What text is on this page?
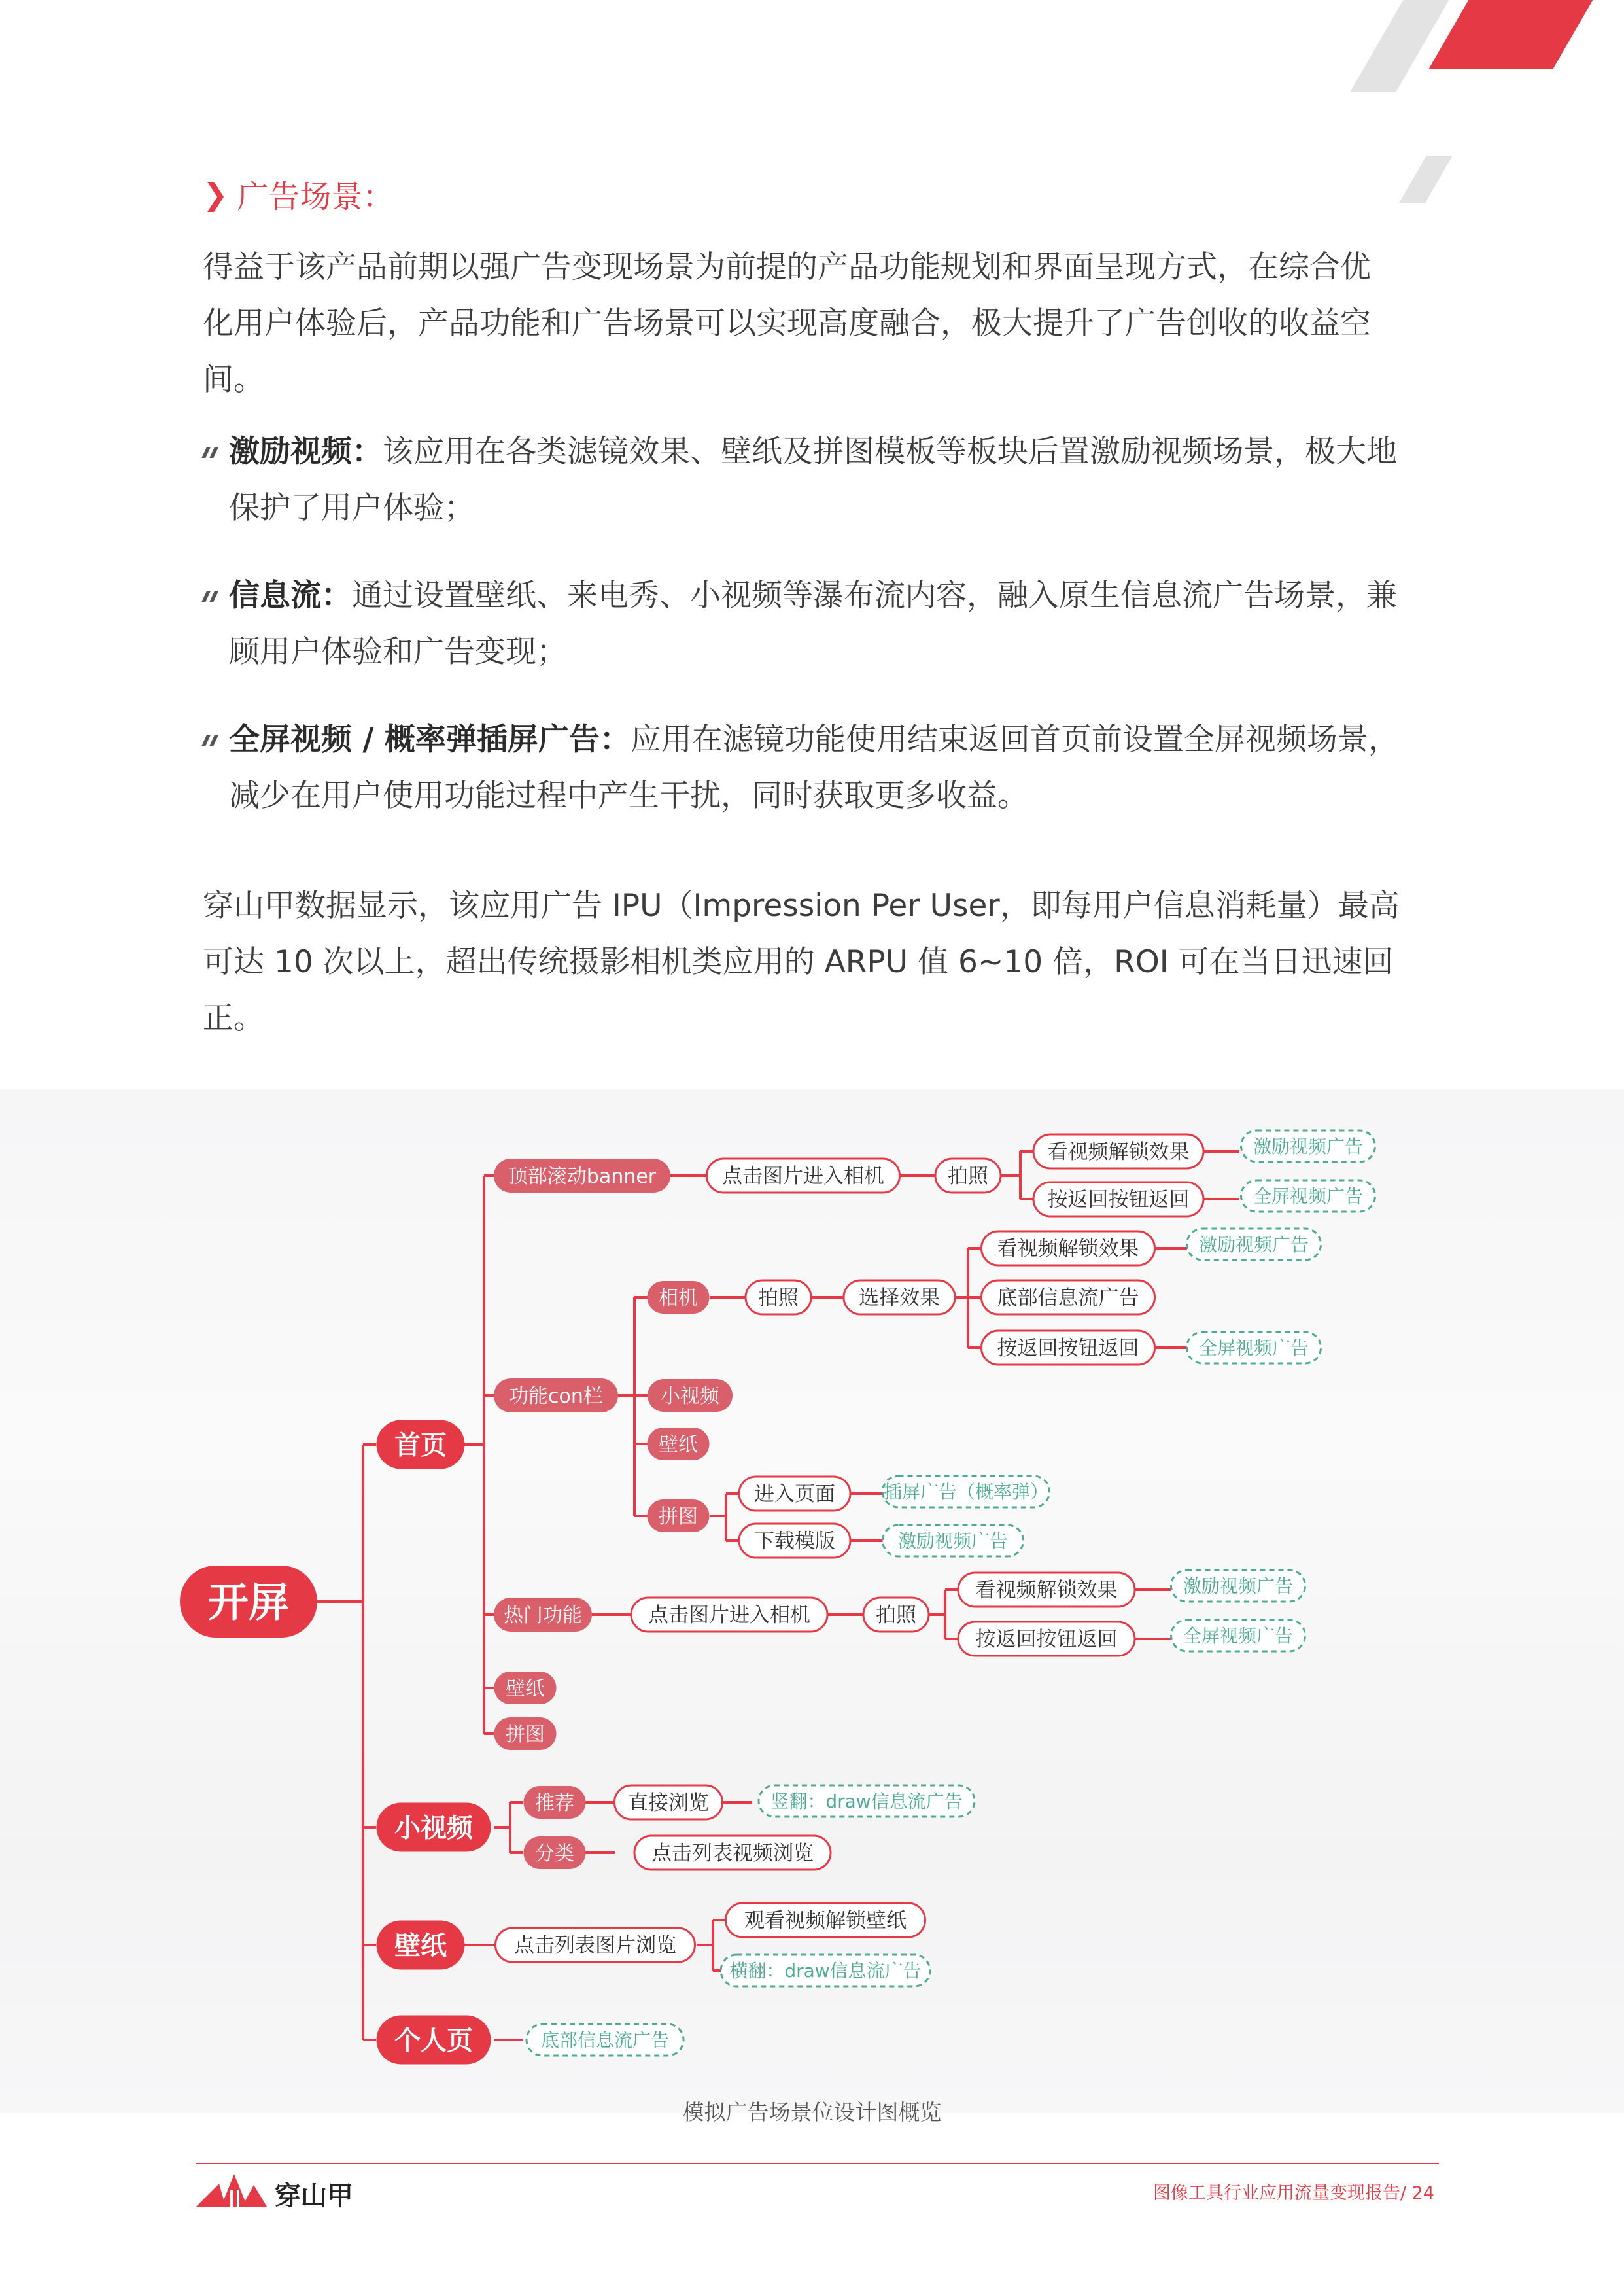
❯ 广告场景：

得益于该产品前期以强广告变现场景为前提的产品功能规划和界面呈现方式，在综合优化用户体验后，产品功能和广告场景可以实现高度融合，极大提升了广告创收的收益空间。

激励视频：该应用在各类滤镜效果、壁纸及拼图模板等板块后置激励视频场景，极大地保护了用户体验；
信息流：通过设置壁纸、来电秀、小视频等瀑布流内容，融入原生信息流广告场景，兼顾用户体验和广告变现；
全屏视频 / 概率弹插屏广告：应用在滤镜功能使用结束返回首页前设置全屏视频场景，减少在用户使用功能过程中产生干扰，同时获取更多收益。

穿山甲数据显示，该应用广告 IPU（Impression Per User，即每用户信息消耗量）最高可达 10 次以上，超出传统摄影相机类应用的 ARPU 值 6~10 倍，ROI 可在当日迅速回正。

开屏
首页
小视频
壁纸
个人页
顶部滚动banner
功能con栏
热门功能
壁纸
拼图
点击图片进入相机	拍照
看视频解锁效果
按返回按钮返回
激励视频广告
全屏视频广告
相机
小视频
壁纸
拼图
拍照	选择效果
看视频解锁效果
底部信息流广告
按返回按钮返回
激励视频广告
全屏视频广告
进入页面
下载模版
插屏广告（概率弹）
激励视频广告
点击图片进入相机	拍照
看视频解锁效果
按返回按钮返回
激励视频广告
全屏视频广告
推荐
分类
直接浏览
点击列表视频浏览
竖翻：draw信息流广告
点击列表图片浏览
观看视频解锁壁纸
横翻：draw信息流广告
底部信息流广告
模拟广告场景位设计图概览
穿山甲	图像工具行业应用流量变现报告/ 24
